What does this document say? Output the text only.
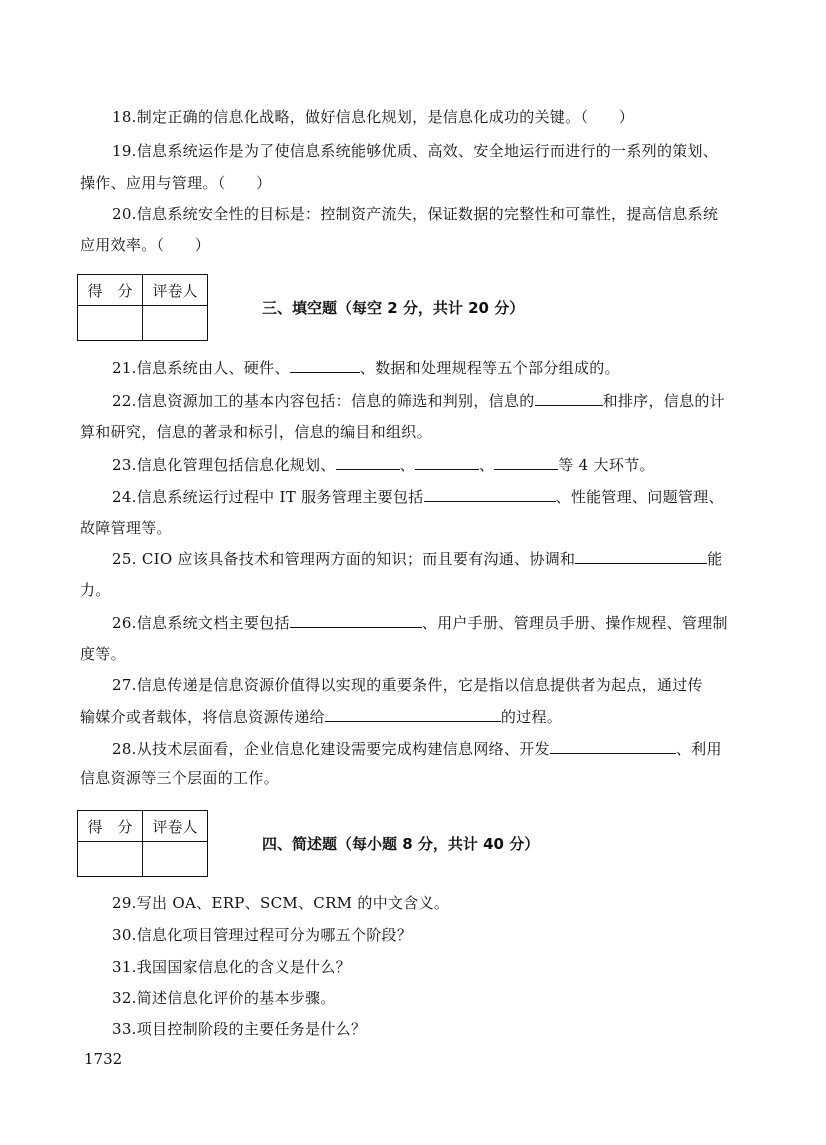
18.制定正确的信息化战略，做好信息化规划，是信息化成功的关键。（　　）
19.信息系统运作是为了使信息系统能够优质、高效、安全地运行而进行的一系列的策划、
操作、应用与管理。（　　）
20.信息系统安全性的目标是：控制资产流失，保证数据的完整性和可靠性，提高信息系统
应用效率。（　　）
得　分	评卷人

三、填空题（每空 2 分，共计 20 分）
21.信息系统由人、硬件、	、数据和处理规程等五个部分组成的。
22.信息资源加工的基本内容包括：信息的筛选和判别，信息的	和排序，信息的计
算和研究，信息的著录和标引，信息的编目和组织。
23.信息化管理包括信息化规划、	、	、	等 4 大环节。
24.信息系统运行过程中 IT 服务管理主要包括	、性能管理、问题管理、
故障管理等。
25. CIO 应该具备技术和管理两方面的知识；而且要有沟通、协调和	能
力。
26.信息系统文档主要包括	、用户手册、管理员手册、操作规程、管理制
度等。
27.信息传递是信息资源价值得以实现的重要条件，它是指以信息提供者为起点，通过传
输媒介或者载体，将信息资源传递给	的过程。
28.从技术层面看，企业信息化建设需要完成构建信息网络、开发	、利用
信息资源等三个层面的工作。
得　分	评卷人

四、简述题（每小题 8 分，共计 40 分）
29.写出 OA、ERP、SCM、CRM 的中文含义。
30.信息化项目管理过程可分为哪五个阶段？
31.我国国家信息化的含义是什么？
32.简述信息化评价的基本步骤。
33.项目控制阶段的主要任务是什么？
1732
